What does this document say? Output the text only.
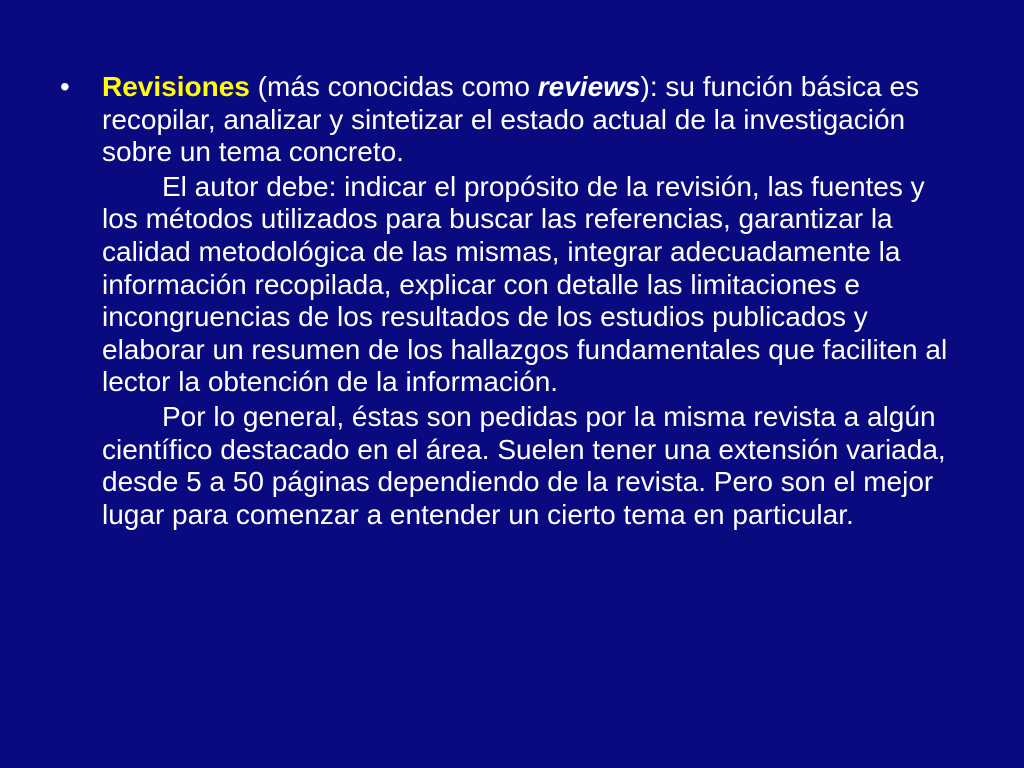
• Revisiones (más conocidas como reviews): su función básica es recopilar, analizar y sintetizar el estado actual de la investigación sobre un tema concreto.

El autor debe: indicar el propósito de la revisión, las fuentes y los métodos utilizados para buscar las referencias, garantizar la calidad metodológica de las mismas, integrar adecuadamente la información recopilada, explicar con detalle las limitaciones e incongruencias de los resultados de los estudios publicados y elaborar un resumen de los hallazgos fundamentales que faciliten al lector la obtención de la información.

Por lo general, éstas son pedidas por la misma revista a algún científico destacado en el área. Suelen tener una extensión variada, desde 5 a 50 páginas dependiendo de la revista. Pero son el mejor lugar para comenzar a entender un cierto tema en particular.
